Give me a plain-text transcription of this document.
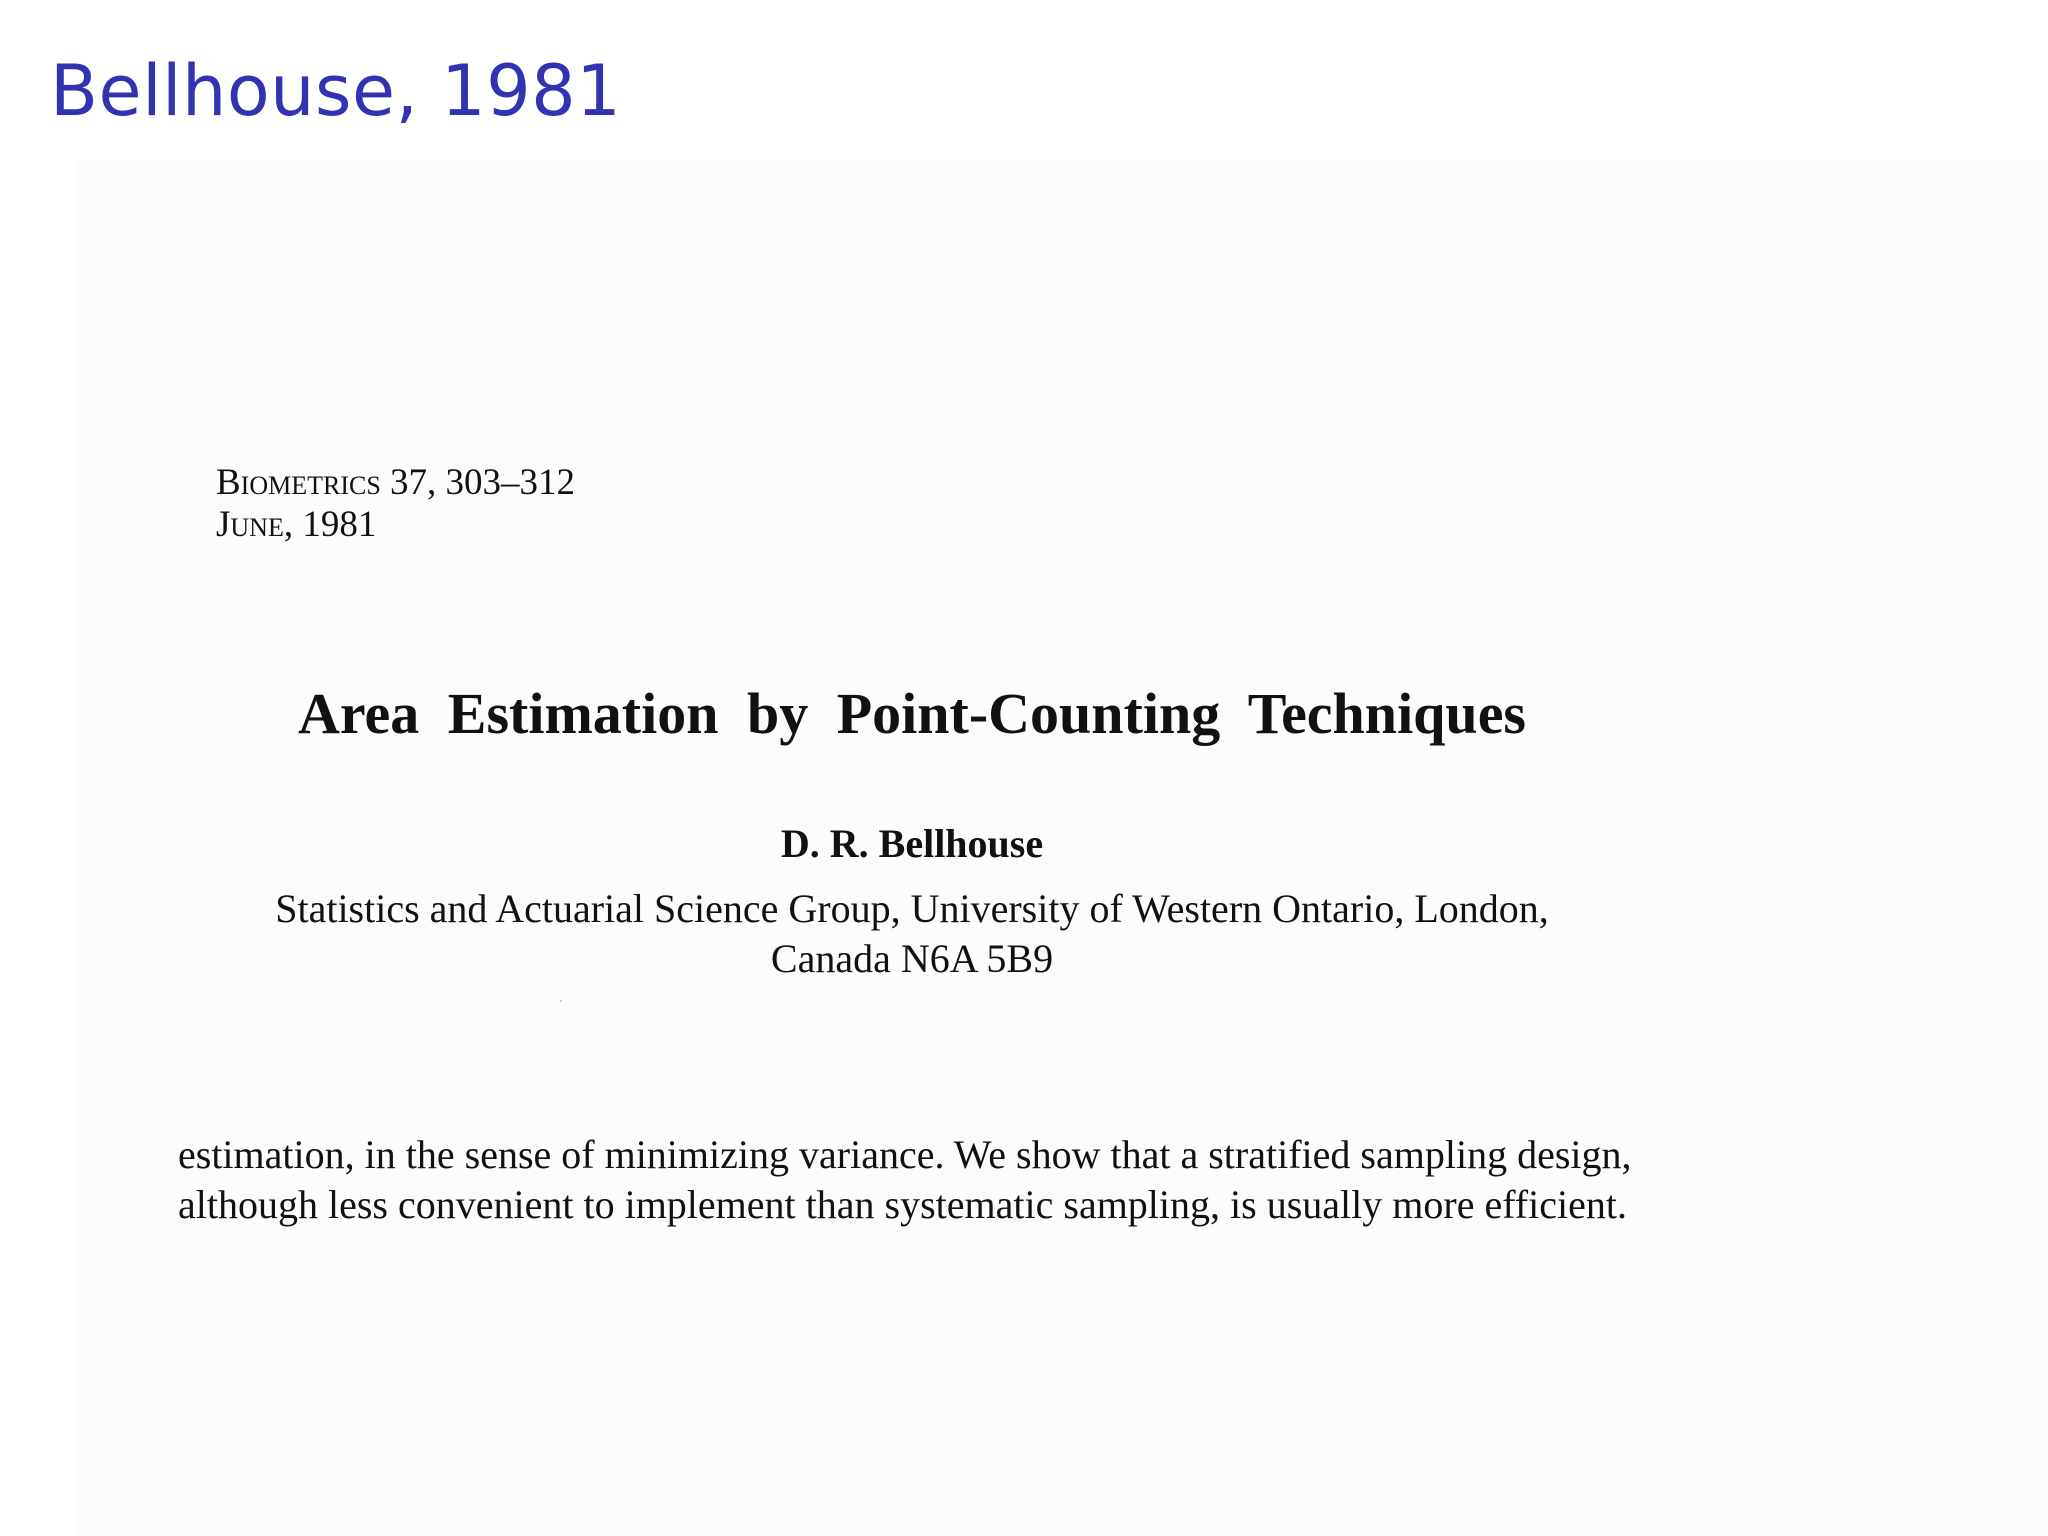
Bellhouse, 1981
Biometrics 37, 303–312
June, 1981
Area Estimation by Point-Counting Techniques
D. R. Bellhouse
Statistics and Actuarial Science Group, University of Western Ontario, London,
Canada N6A 5B9
estimation, in the sense of minimizing variance. We show that a stratified sampling design,
although less convenient to implement than systematic sampling, is usually more efficient.
